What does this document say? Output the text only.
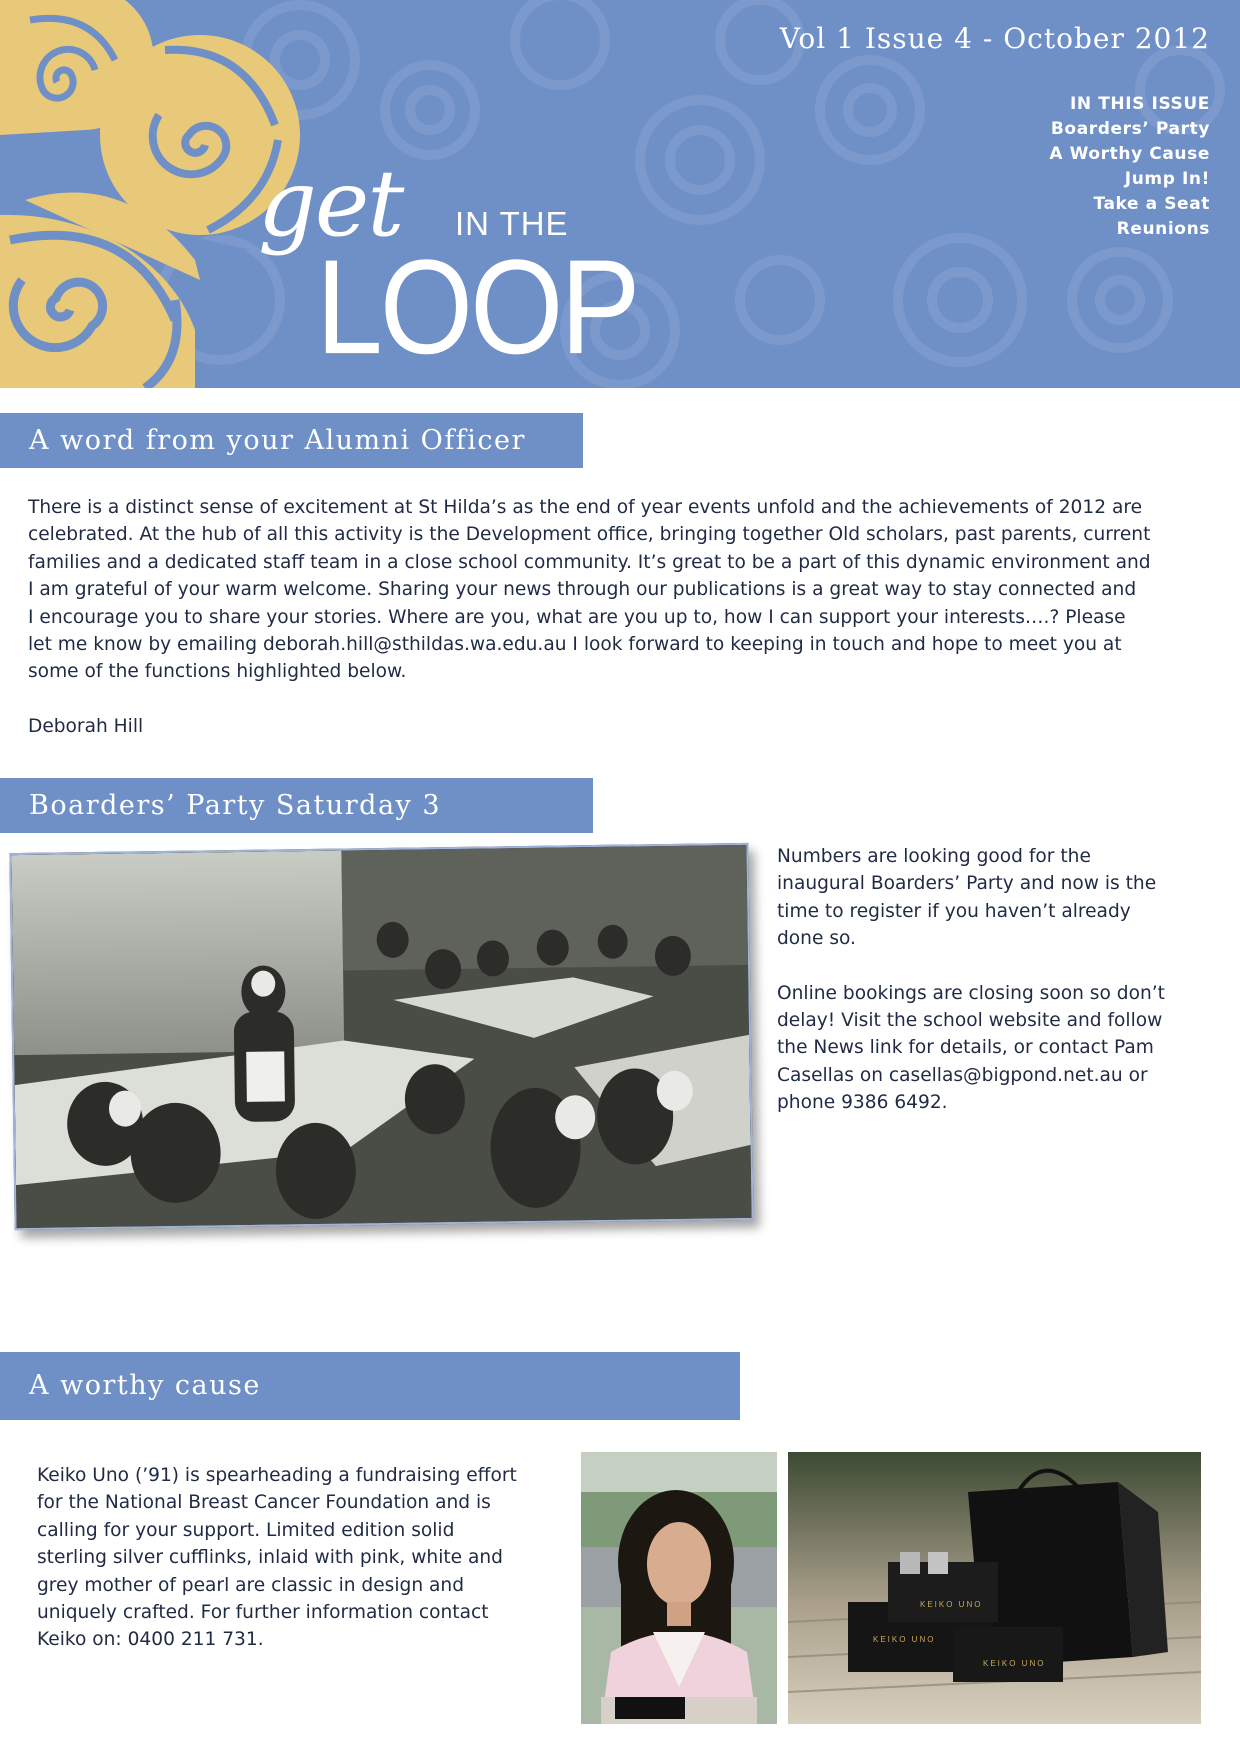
Vol 1 Issue 4 - October 2012
IN THIS ISSUE
Boarders’ Party
A Worthy Cause
Jump In!
Take a Seat
Reunions
get IN THE
LOOP
A word from your Alumni Officer
There is a distinct sense of excitement at St Hilda’s as the end of year events unfold and the achievements of 2012 are
celebrated. At the hub of all this activity is the Development office, bringing together Old scholars, past parents, current
families and a dedicated staff team in a close school community. It’s great to be a part of this dynamic environment and
I am grateful of your warm welcome. Sharing your news through our publications is a great way to stay connected and
I encourage you to share your stories. Where are you, what are you up to, how I can support your interests….? Please
let me know by emailing deborah.hill@sthildas.wa.edu.au I look forward to keeping in touch and hope to meet you at
some of the functions highlighted below.
Deborah Hill
Boarders’ Party Saturday 3
Numbers are looking good for the
inaugural Boarders’ Party and now is the
time to register if you haven’t already
done so.
Online bookings are closing soon so don’t
delay! Visit the school website and follow
the News link for details, or contact Pam
Casellas on casellas@bigpond.net.au or
phone 9386 6492.
A worthy cause
Keiko Uno (’91) is spearheading a fundraising effort
for the National Breast Cancer Foundation and is
calling for your support. Limited edition solid
sterling silver cufflinks, inlaid with pink, white and
grey mother of pearl are classic in design and
uniquely crafted. For further information contact
Keiko on: 0400 211 731.
KEIKO UNO
KEIKO UNO
KEIKO UNO
